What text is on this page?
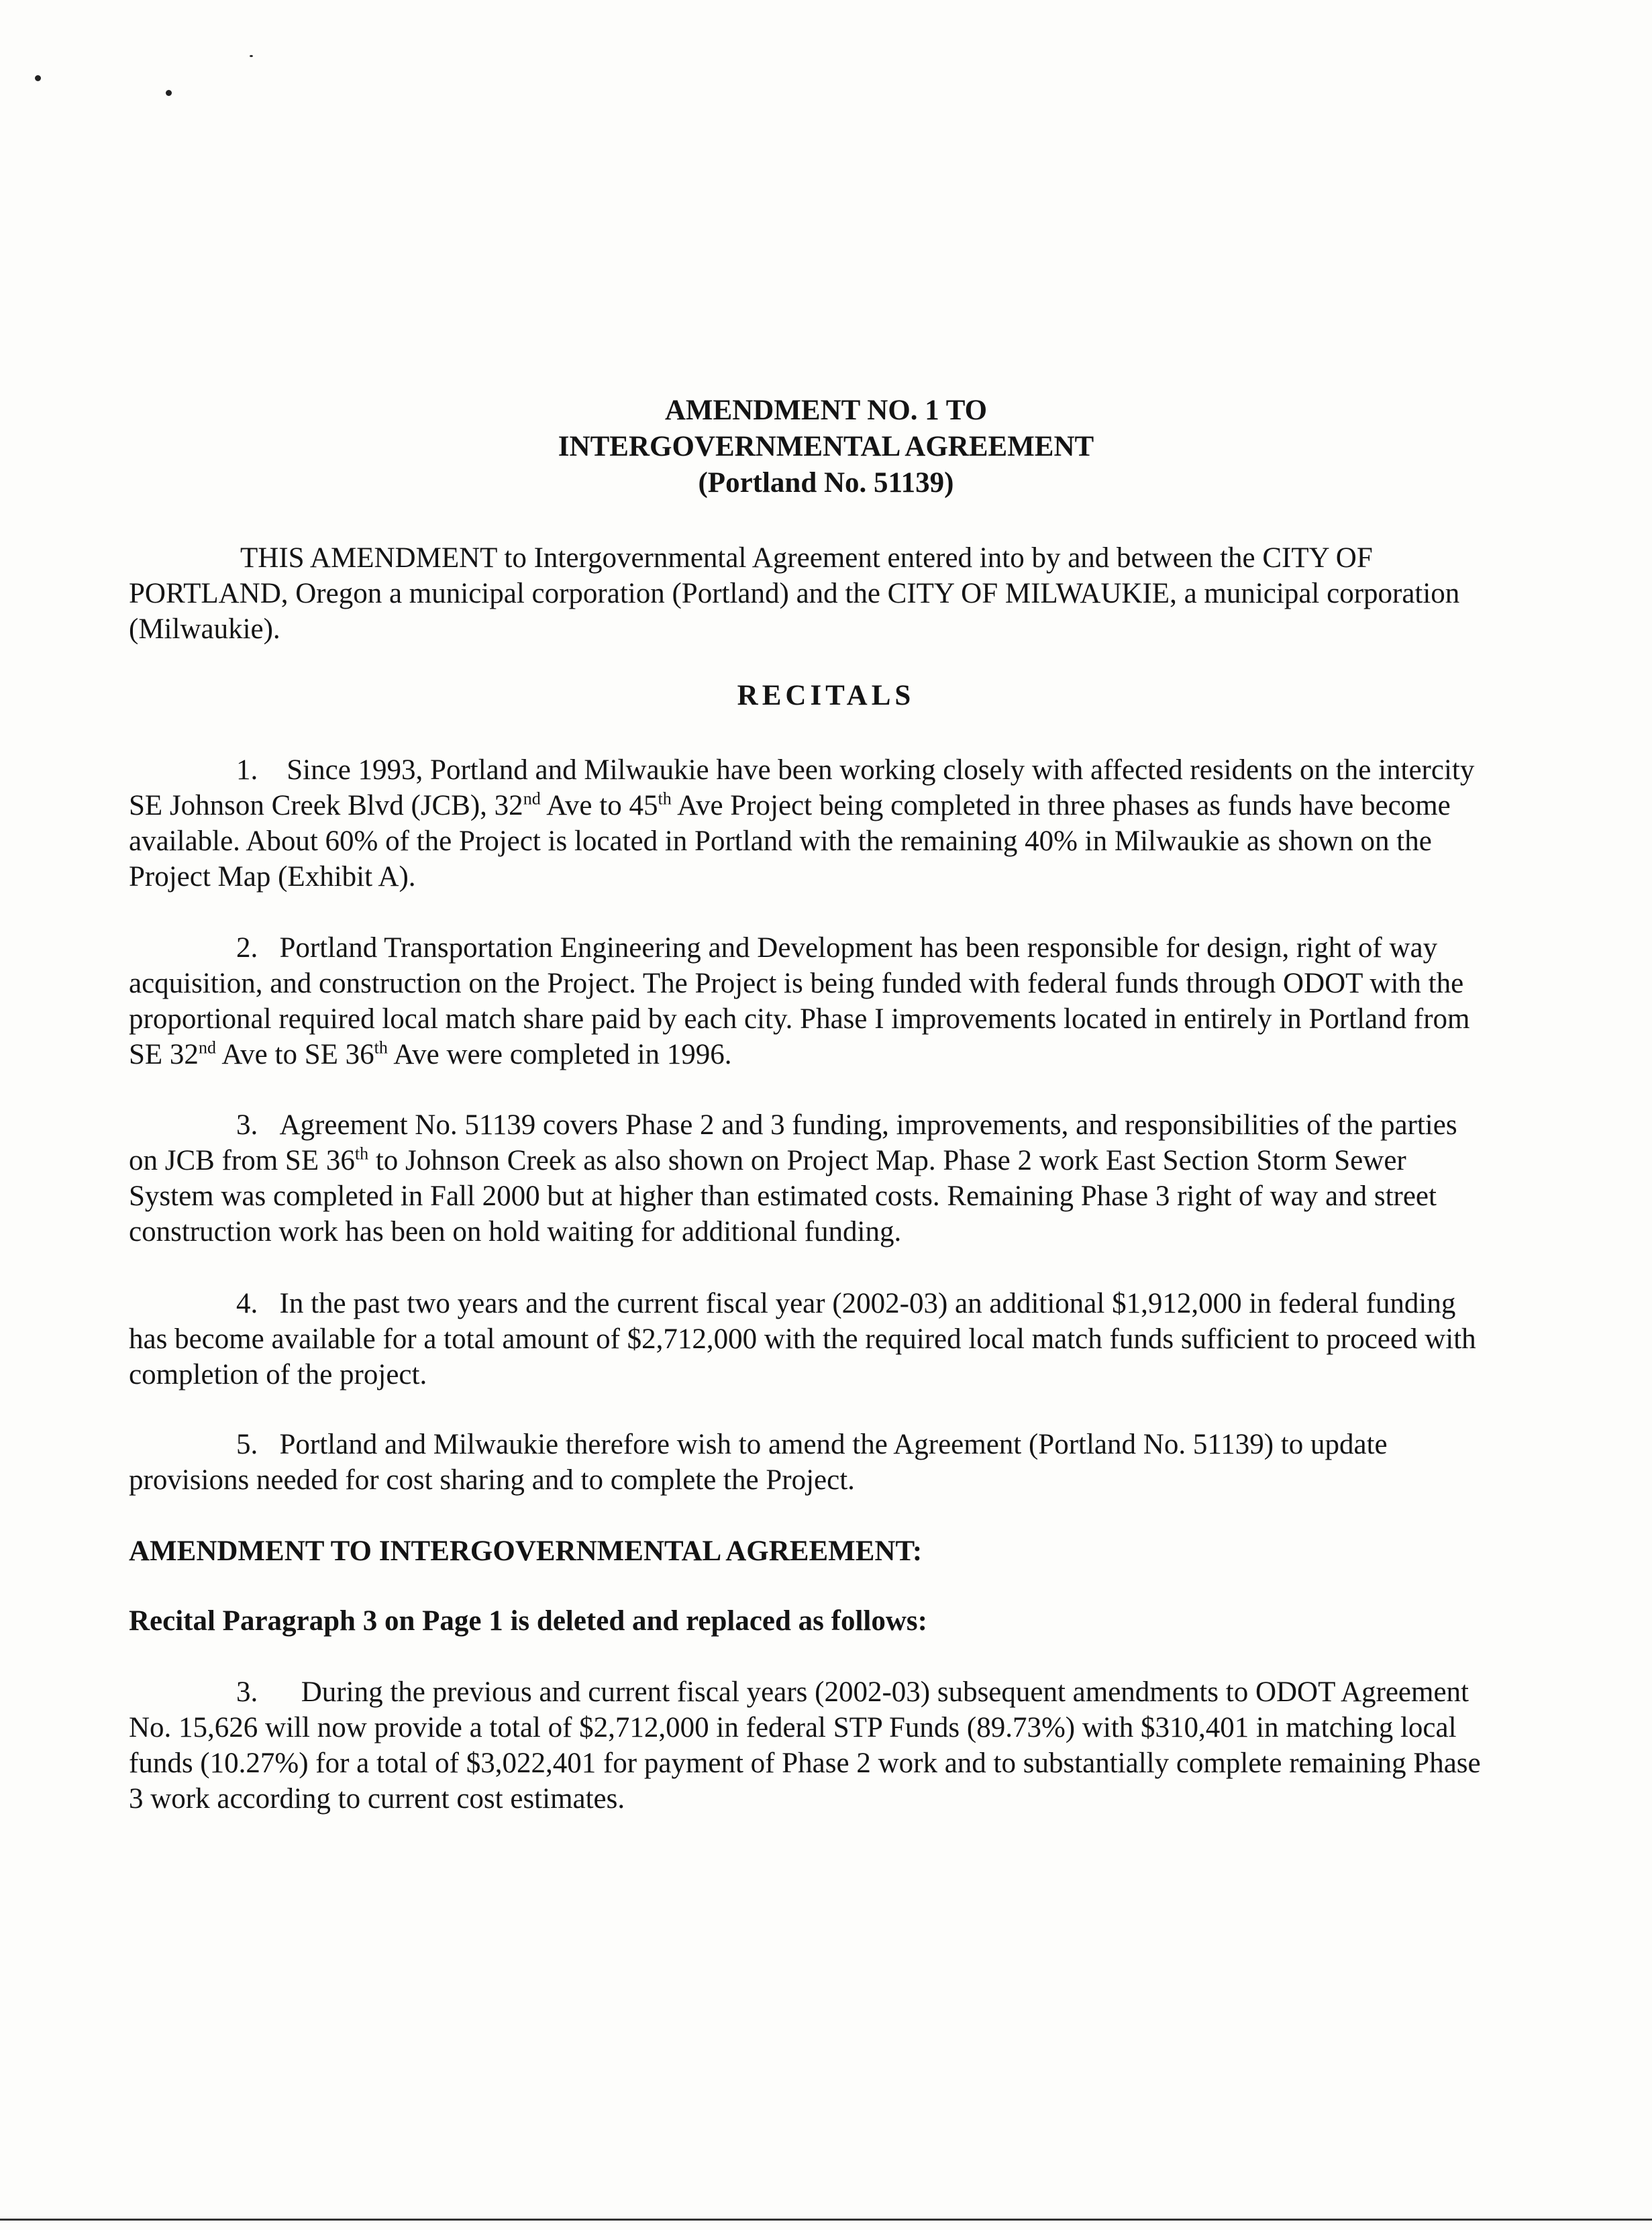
AMENDMENT NO. 1 TO
INTERGOVERNMENTAL AGREEMENT
(Portland No. 51139)

THIS AMENDMENT to Intergovernmental Agreement entered into by and between the CITY OF PORTLAND, Oregon a municipal corporation (Portland) and the CITY OF MILWAUKIE, a municipal corporation (Milwaukie).

RECITALS

1. Since 1993, Portland and Milwaukie have been working closely with affected residents on the intercity SE Johnson Creek Blvd (JCB), 32nd Ave to 45th Ave Project being completed in three phases as funds have become available. About 60% of the Project is located in Portland with the remaining 40% in Milwaukie as shown on the Project Map (Exhibit A).

2. Portland Transportation Engineering and Development has been responsible for design, right of way acquisition, and construction on the Project. The Project is being funded with federal funds through ODOT with the proportional required local match share paid by each city. Phase I improvements located in entirely in Portland from SE 32nd Ave to SE 36th Ave were completed in 1996.

3. Agreement No. 51139 covers Phase 2 and 3 funding, improvements, and responsibilities of the parties on JCB from SE 36th to Johnson Creek as also shown on Project Map. Phase 2 work East Section Storm Sewer System was completed in Fall 2000 but at higher than estimated costs. Remaining Phase 3 right of way and street construction work has been on hold waiting for additional funding.

4. In the past two years and the current fiscal year (2002-03) an additional $1,912,000 in federal funding has become available for a total amount of $2,712,000 with the required local match funds sufficient to proceed with completion of the project.

5. Portland and Milwaukie therefore wish to amend the Agreement (Portland No. 51139) to update provisions needed for cost sharing and to complete the Project.

AMENDMENT TO INTERGOVERNMENTAL AGREEMENT:
Recital Paragraph 3 on Page 1 is deleted and replaced as follows:

3. During the previous and current fiscal years (2002-03) subsequent amendments to ODOT Agreement No. 15,626 will now provide a total of $2,712,000 in federal STP Funds (89.73%) with $310,401 in matching local funds (10.27%) for a total of $3,022,401 for payment of Phase 2 work and to substantially complete remaining Phase 3 work according to current cost estimates.
